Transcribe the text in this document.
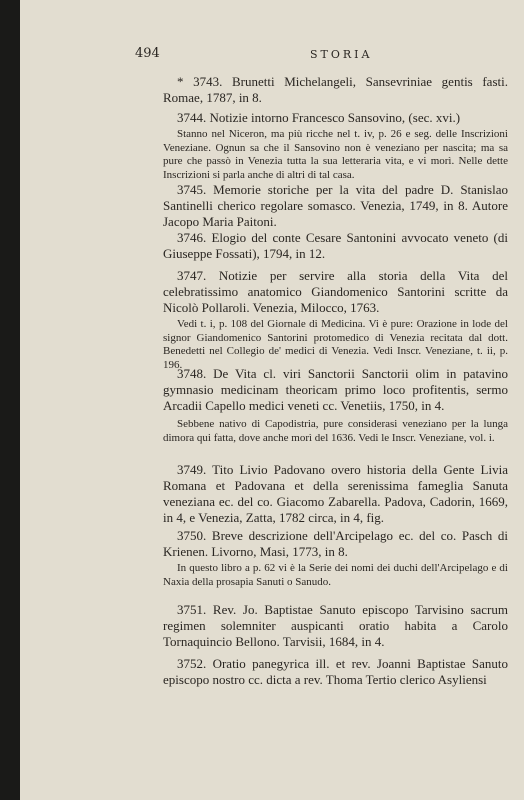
494	STORIA
* 3743. Brunetti Michelangeli, Sansevriniae gentis fasti. Romae, 1787, in 8.
3744. Notizie intorno Francesco Sansovino, (sec. xvi.)
Stanno nel Niceron, ma più ricche nel t. iv, p. 26 e seg. delle Inscrizioni Veneziane. Ognun sa che il Sansovino non è veneziano per nascita; ma sa pure che passò in Venezia tutta la sua letteraria vita, e vi morì. Nelle dette Inscrizioni si parla anche di altri di tal casa.
3745. Memorie storiche per la vita del padre D. Stanislao Santinelli cherico regolare somasco. Venezia, 1749, in 8. Autore Jacopo Maria Paitoni.
3746. Elogio del conte Cesare Santonini avvocato veneto (di Giuseppe Fossati), 1794, in 12.
3747. Notizie per servire alla storia della Vita del celebratissimo anatomico Giandomenico Santorini scritte da Nicolò Pollaroli. Venezia, Milocco, 1763.
Vedi t. i, p. 108 del Giornale di Medicina. Vi è pure: Orazione in lode del signor Giandomenico Santorini protomedico di Venezia recitata dal dott. Benedetti nel Collegio de' medici di Venezia. Vedi Inscr. Veneziane, t. ii, p. 196.
3748. De Vita cl. viri Sanctorii Sanctorii olim in patavino gymnasio medicinam theoricam primo loco profitentis, sermo Arcadii Capello medici veneti cc. Venetiis, 1750, in 4.
Sebbene nativo di Capodistria, pure considerasi veneziano per la lunga dimora qui fatta, dove anche morì del 1636. Vedi le Inscr. Veneziane, vol. i.
3749. Tito Livio Padovano overo historia della Gente Livia Romana et Padovana et della serenissima fameglia Sanuta veneziana ec. del co. Giacomo Zabarella. Padova, Cadorin, 1669, in 4, e Venezia, Zatta, 1782 circa, in 4, fig.
3750. Breve descrizione dell'Arcipelago ec. del co. Pasch di Krienen. Livorno, Masi, 1773, in 8.
In questo libro a p. 62 vi è la Serie dei nomi dei duchi dell'Arcipelago e di Naxia della prosapia Sanuti o Sanudo.
3751. Rev. Jo. Baptistae Sanuto episcopo Tarvisino sacrum regimen solemniter auspicanti oratio habita a Carolo Tornaquincio Bellono. Tarvisii, 1684, in 4.
3752. Oratio panegyrica ill. et rev. Joanni Baptistae Sanuto episcopo nostro cc. dicta a rev. Thoma Tertio clerico Asyliensi
